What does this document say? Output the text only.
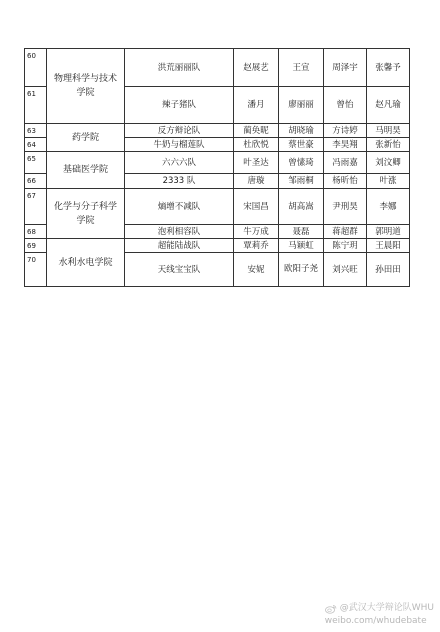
60	物理科学与技术学院	洪荒丽丽队	赵展艺	王宣	周泽宇	张馨予
61		辣子猪队	潘月	廖丽丽	曾怡	赵凡瑜
63	药学院	反方辩论队	蔺奂昵	胡晓瑜	方诗婷	马明昊
64		牛奶与榴莲队	杜欣悦	蔡世豪	李昊翔	张新怡
65	基础医学院	六六六队	叶圣达	曾愫琦	冯雨嘉	刘汶卿
66		2333 队	唐璇	邹雨桐	杨昕怡	叶涨
67	化学与分子科学学院	熵增不减队	宋国昌	胡高嵩	尹刑昊	李娜
68		泡利相容队	牛万成	聂磊	蒋超群	郭明道
69	水利水电学院	超能陆战队	覃莉乔	马颖虹	陈宁玥	王晨阳
70		天线宝宝队	安妮	欧阳子尧	刘兴旺	孙田田
@武汉大学辩论队WHU
weibo.com/whudebate
